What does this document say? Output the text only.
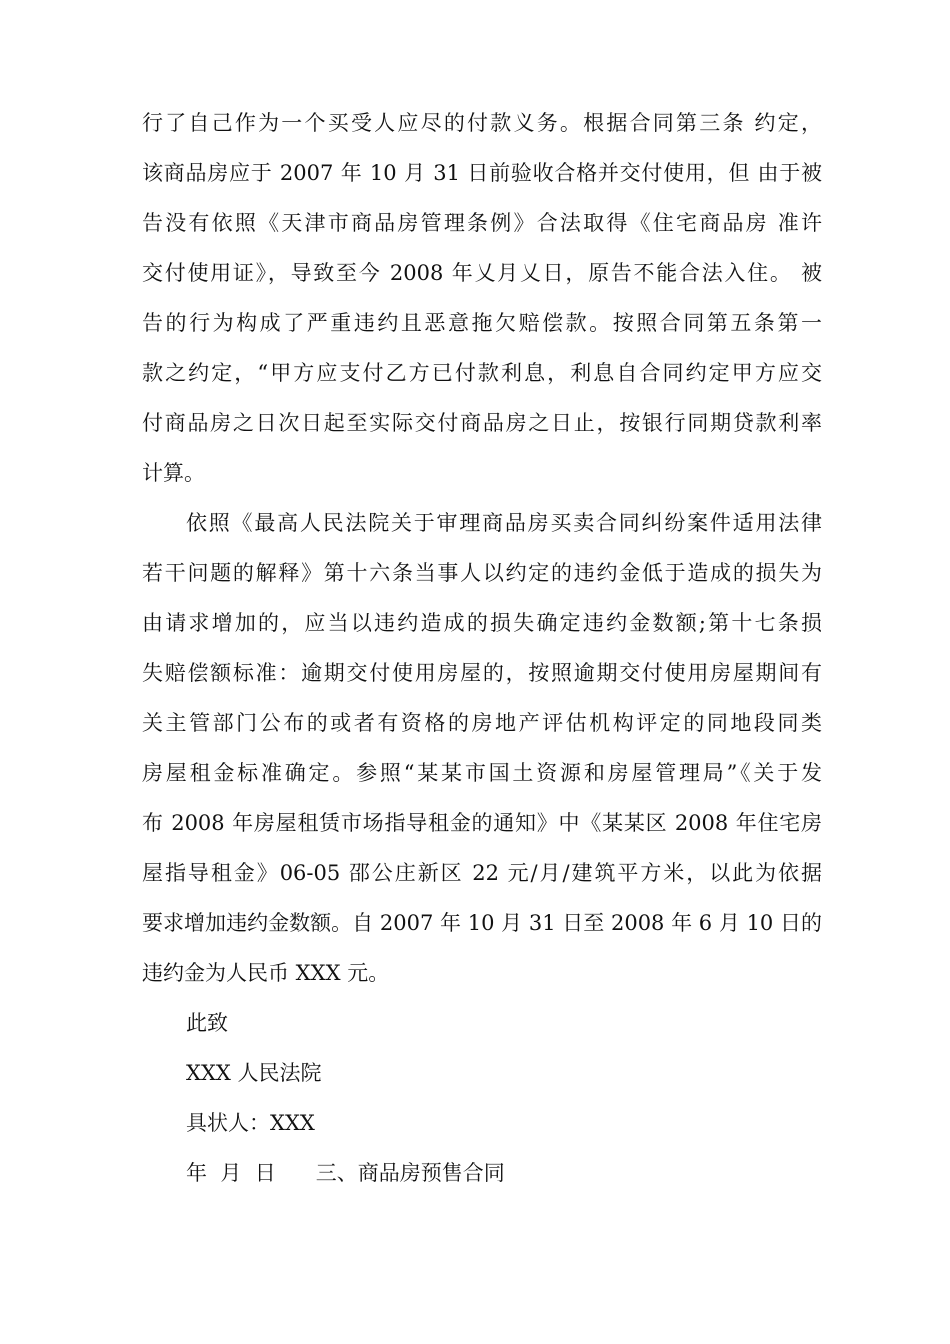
行了自己作为一个买受人应尽的付款义务。根据合同第三条 约定，
该商品房应于 2007 年 10 月 31 日前验收合格并交付使用，但 由于被
告没有依照《天津市商品房管理条例》合法取得《住宅商品房 准许
交付使用证》，导致至今 2008 年乂月乂日，原告不能合法入住。 被
告的行为构成了严重违约且恶意拖欠赔偿款。按照合同第五条第一
款之约定，“甲方应支付乙方已付款利息，利息自合同约定甲方应交
付商品房之日次日起至实际交付商品房之日止，按银行同期贷款利率
计算。
依照《最高人民法院关于审理商品房买卖合同纠纷案件适用法律
若干问题的解释》第十六条当事人以约定的违约金低于造成的损失为
由请求增加的，应当以违约造成的损失确定违约金数额;第十七条损
失赔偿额标准：逾期交付使用房屋的，按照逾期交付使用房屋期间有
关主管部门公布的或者有资格的房地产评估机构评定的同地段同类
房屋租金标准确定。参照“某某市国土资源和房屋管理局”《关于发
布 2008 年房屋租赁市场指导租金的通知》中《某某区 2008 年住宅房
屋指导租金》06-05 邵公庄新区 22 元/月/建筑平方米，以此为依据
要求增加违约金数额。自 2007 年 10 月 31 日至 2008 年 6 月 10 日的
违约金为人民币 XXX 元。
此致
XXX 人民法院
具状人：XXX
年  月  日      三、商品房预售合同
